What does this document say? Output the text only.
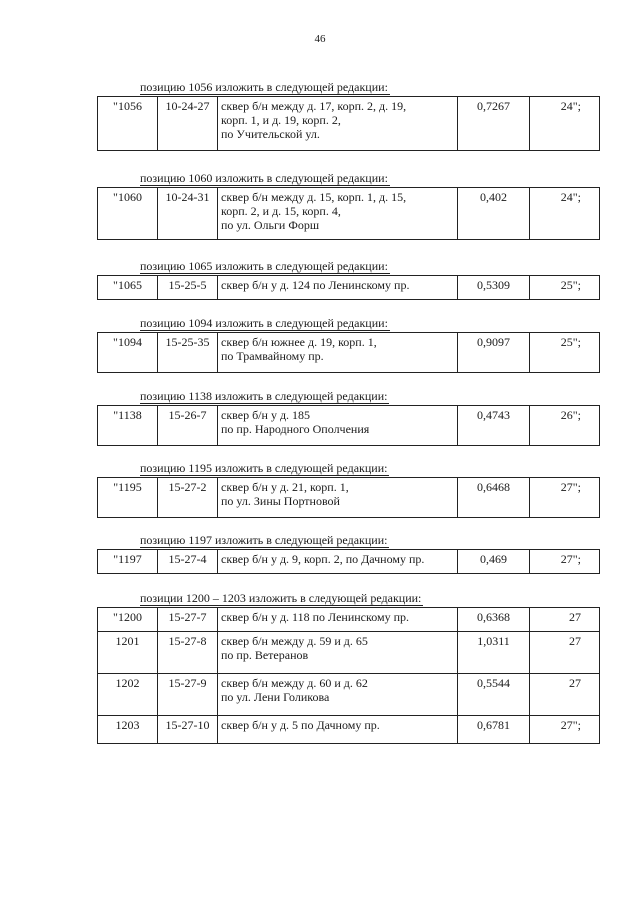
46
позицию 1056 изложить в следующей редакции:
"1056	10-24-27	сквер б/н между д. 17, корп. 2, д. 19,
корп. 1, и д. 19, корп. 2,
по Учительской ул.	0,7267	24";
позицию 1060 изложить в следующей редакции:
"1060	10-24-31	сквер б/н между д. 15, корп. 1, д. 15,
корп. 2, и д. 15, корп. 4,
по ул. Ольги Форш	0,402	24";
позицию 1065 изложить в следующей редакции:
"1065	15-25-5	сквер б/н у д. 124 по Ленинскому пр.	0,5309	25";
позицию 1094 изложить в следующей редакции:
"1094	15-25-35	сквер б/н южнее д. 19, корп. 1,
по Трамвайному пр.	0,9097	25";
позицию 1138 изложить в следующей редакции:
"1138	15-26-7	сквер б/н у д. 185
по пр. Народного Ополчения	0,4743	26";
позицию 1195 изложить в следующей редакции:
"1195	15-27-2	сквер б/н у д. 21, корп. 1,
по ул. Зины Портновой	0,6468	27";
позицию 1197 изложить в следующей редакции:
"1197	15-27-4	сквер б/н у д. 9, корп. 2, по Дачному пр.	0,469	27";
позиции 1200 – 1203 изложить в следующей редакции:
"1200	15-27-7	сквер б/н у д. 118 по Ленинскому пр.	0,6368	27
1201	15-27-8	сквер б/н между д. 59 и д. 65
по пр. Ветеранов	1,0311	27
1202	15-27-9	сквер б/н между д. 60 и д. 62
по ул. Лени Голикова	0,5544	27
1203	15-27-10	сквер б/н у д. 5 по Дачному пр.	0,6781	27";
